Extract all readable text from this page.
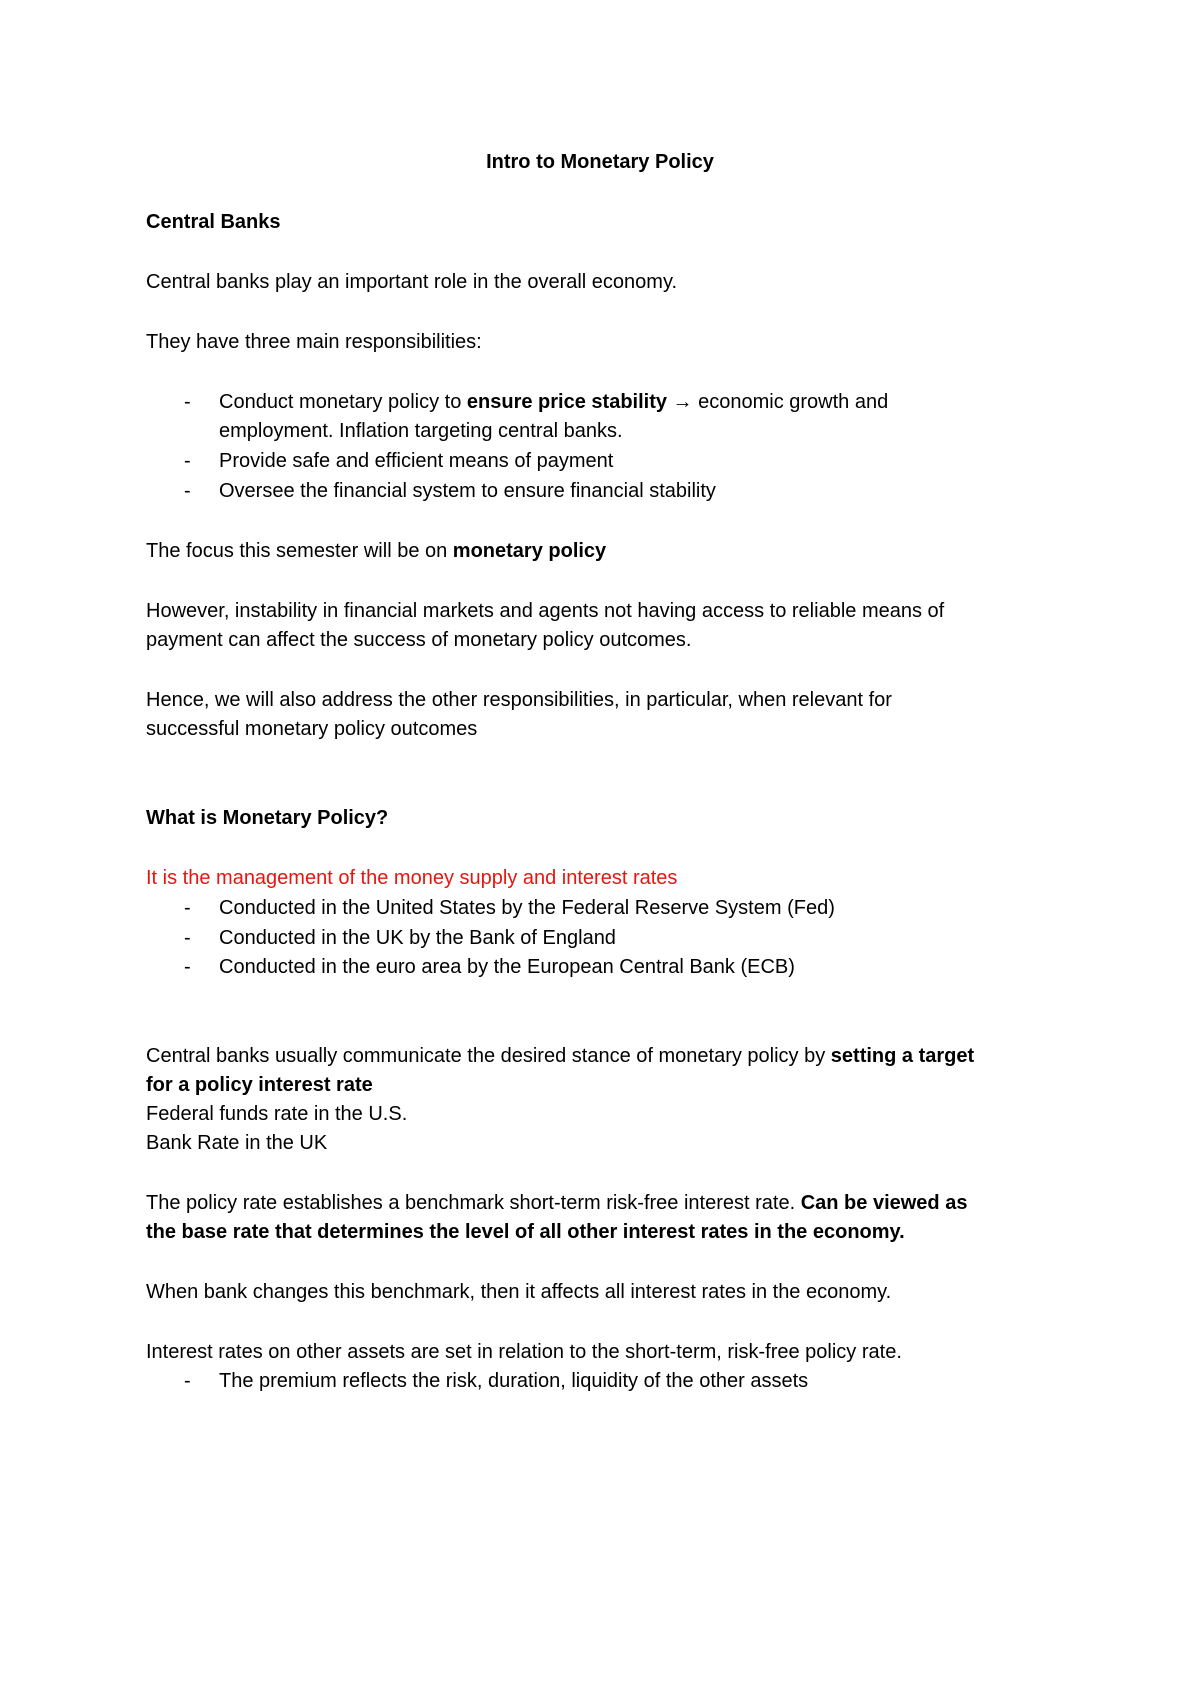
Intro to Monetary Policy
Central Banks
Central banks play an important role in the overall economy.
They have three main responsibilities:
- Conduct monetary policy to ensure price stability → economic growth and
employment. Inflation targeting central banks.
- Provide safe and efficient means of payment
- Oversee the financial system to ensure financial stability
The focus this semester will be on monetary policy
However, instability in financial markets and agents not having access to reliable means of
payment can affect the success of monetary policy outcomes.
Hence, we will also address the other responsibilities, in particular, when relevant for
successful monetary policy outcomes
What is Monetary Policy?
It is the management of the money supply and interest rates
- Conducted in the United States by the Federal Reserve System (Fed)
- Conducted in the UK by the Bank of England
- Conducted in the euro area by the European Central Bank (ECB)
Central banks usually communicate the desired stance of monetary policy by setting a target
for a policy interest rate
Federal funds rate in the U.S.
Bank Rate in the UK
The policy rate establishes a benchmark short-term risk-free interest rate. Can be viewed as
the base rate that determines the level of all other interest rates in the economy.
When bank changes this benchmark, then it affects all interest rates in the economy.
Interest rates on other assets are set in relation to the short-term, risk-free policy rate.
- The premium reflects the risk, duration, liquidity of the other assets
